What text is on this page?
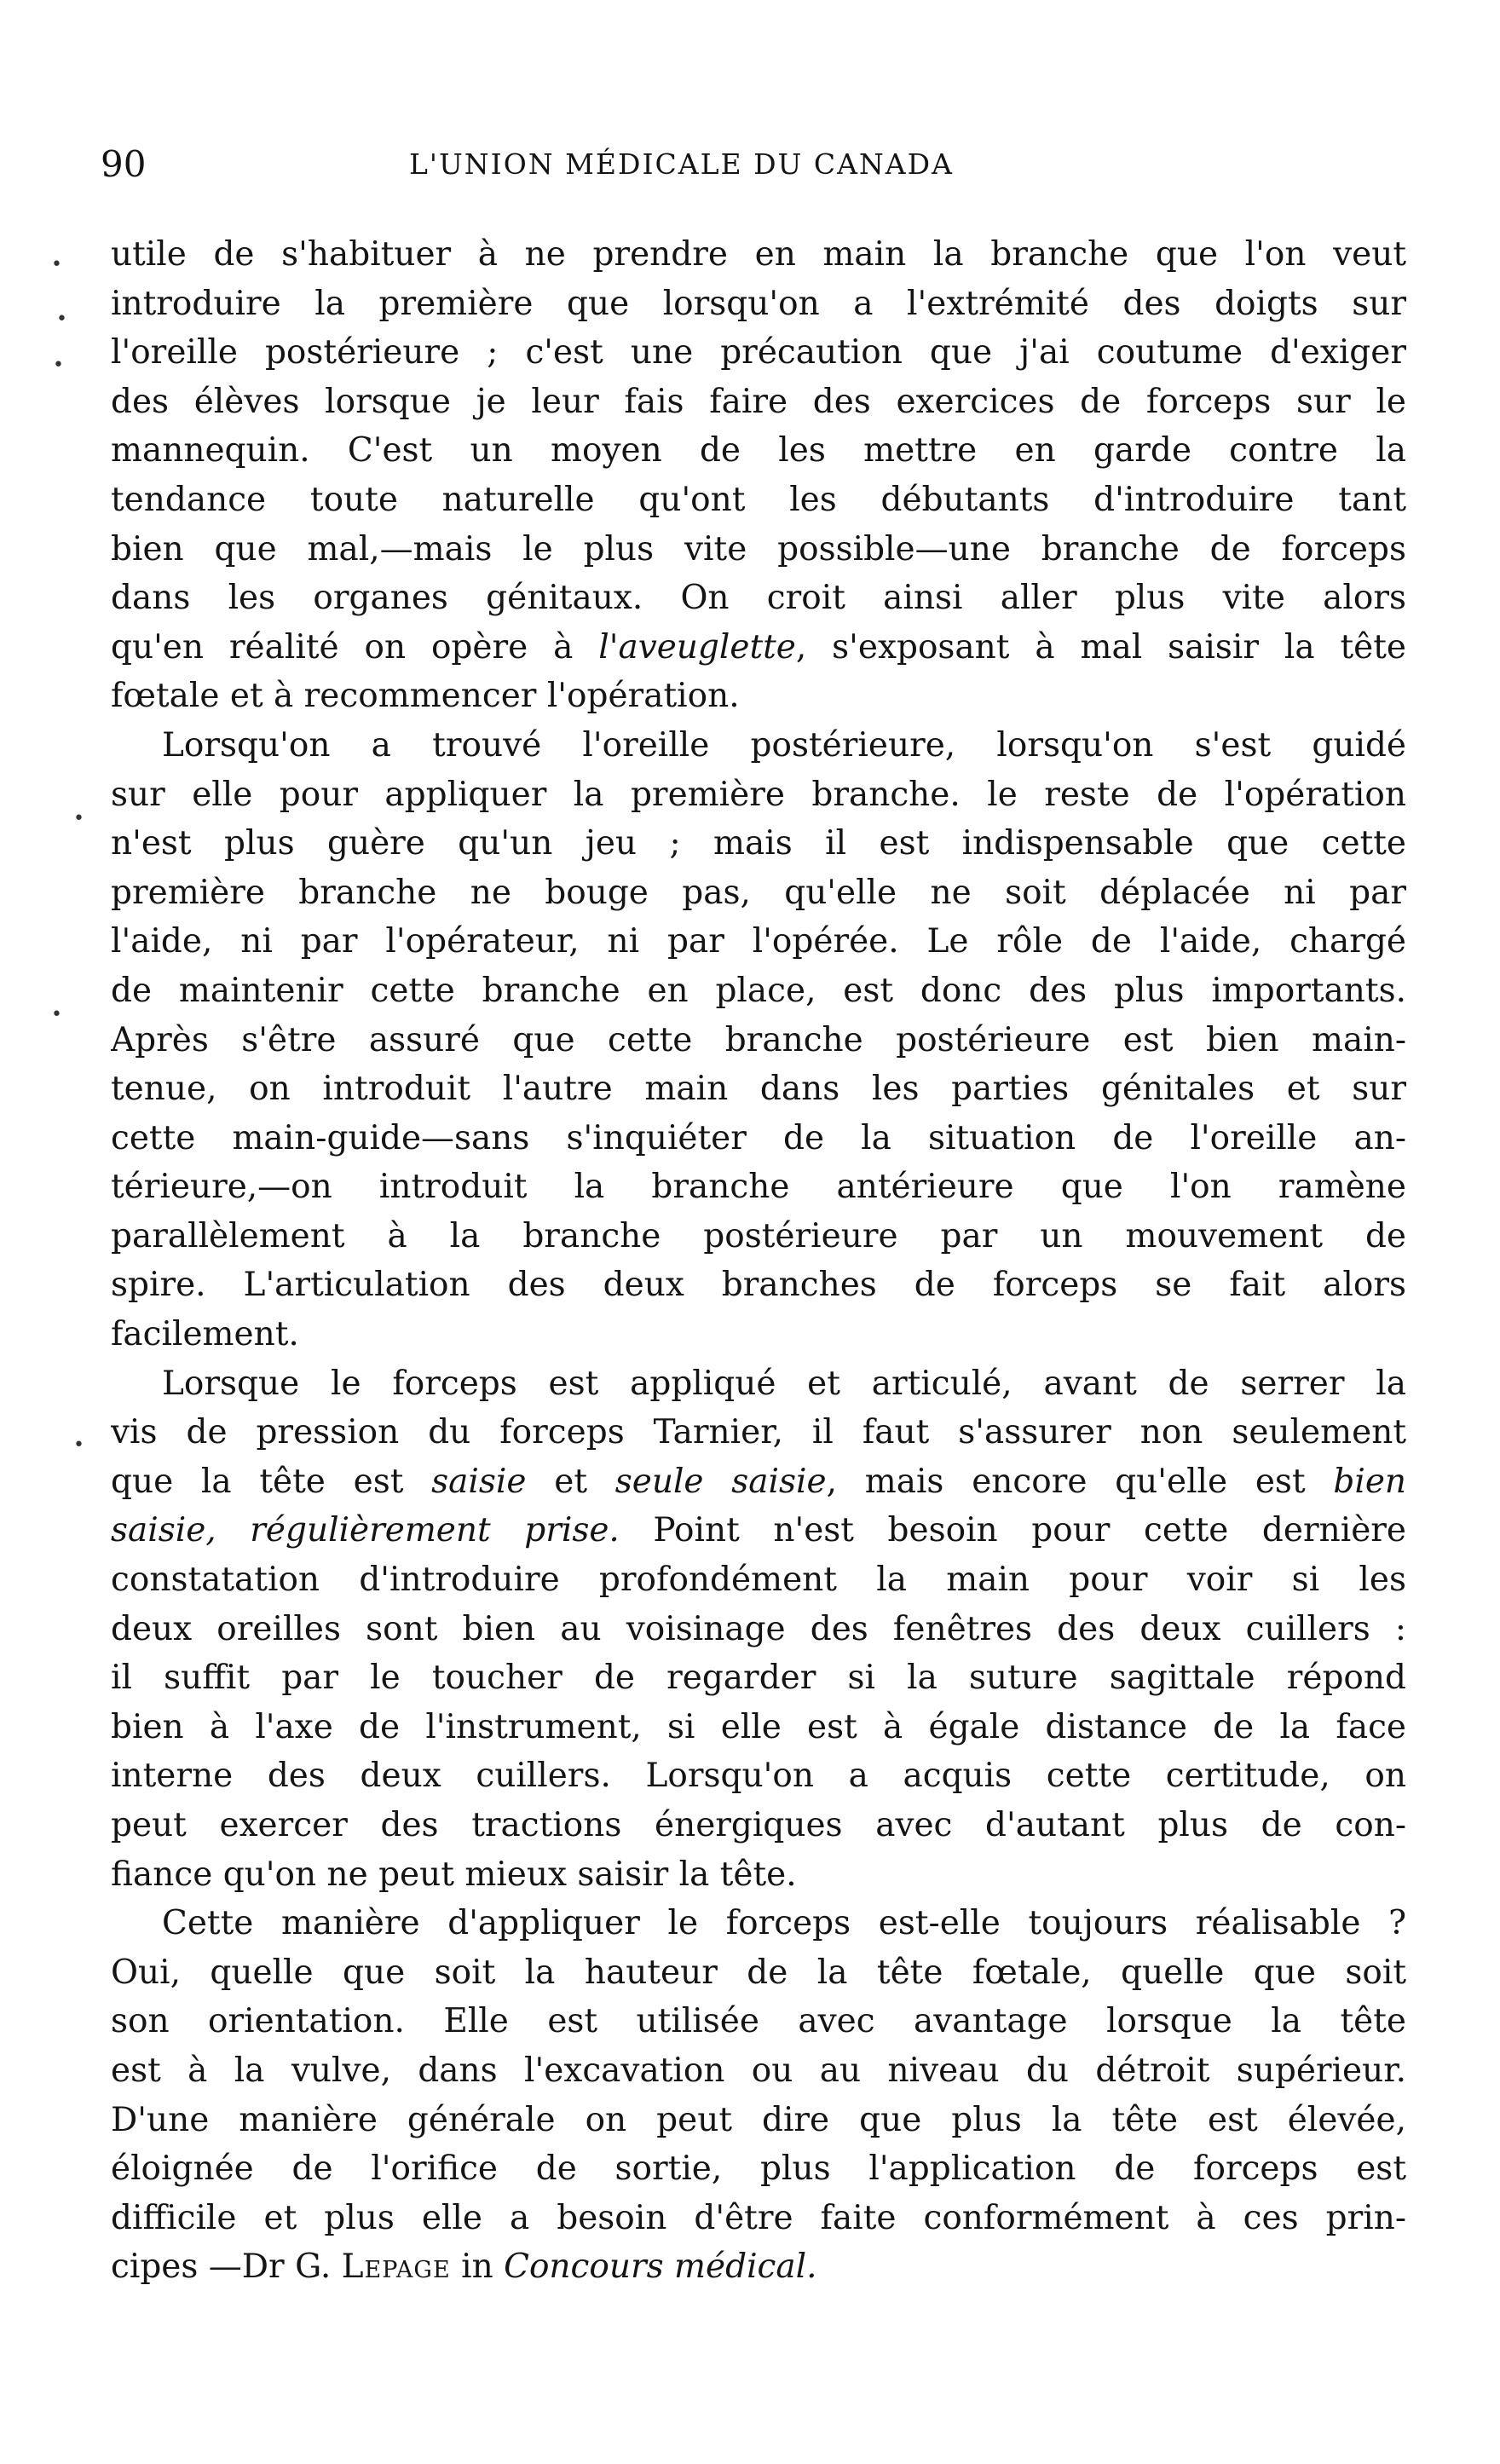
90	L'UNION MÉDICALE DU CANADA
•
•
•
•
•
•
utile de s'habituer à ne prendre en main la branche que l'on veut
introduire la première que lorsqu'on a l'extrémité des doigts sur
l'oreille postérieure ; c'est une précaution que j'ai coutume d'exiger
des élèves lorsque je leur fais faire des exercices de forceps sur le
mannequin. C'est un moyen de les mettre en garde contre la
tendance toute naturelle qu'ont les débutants d'introduire tant
bien que mal,—mais le plus vite possible—une branche de forceps
dans les organes génitaux. On croit ainsi aller plus vite alors
qu'en réalité on opère à l'aveuglette, s'exposant à mal saisir la tête
fœtale et à recommencer l'opération.
Lorsqu'on a trouvé l'oreille postérieure, lorsqu'on s'est guidé
sur elle pour appliquer la première branche. le reste de l'opération
n'est plus guère qu'un jeu ; mais il est indispensable que cette
première branche ne bouge pas, qu'elle ne soit déplacée ni par
l'aide, ni par l'opérateur, ni par l'opérée. Le rôle de l'aide, chargé
de maintenir cette branche en place, est donc des plus importants.
Après s'être assuré que cette branche postérieure est bien main-
tenue, on introduit l'autre main dans les parties génitales et sur
cette main-guide—sans s'inquiéter de la situation de l'oreille an-
térieure,—on introduit la branche antérieure que l'on ramène
parallèlement à la branche postérieure par un mouvement de
spire. L'articulation des deux branches de forceps se fait alors
facilement.
Lorsque le forceps est appliqué et articulé, avant de serrer la
vis de pression du forceps Tarnier, il faut s'assurer non seulement
que la tête est saisie et seule saisie, mais encore qu'elle est bien
saisie, régulièrement prise. Point n'est besoin pour cette dernière
constatation d'introduire profondément la main pour voir si les
deux oreilles sont bien au voisinage des fenêtres des deux cuillers :
il suffit par le toucher de regarder si la suture sagittale répond
bien à l'axe de l'instrument, si elle est à égale distance de la face
interne des deux cuillers. Lorsqu'on a acquis cette certitude, on
peut exercer des tractions énergiques avec d'autant plus de con-
fiance qu'on ne peut mieux saisir la tête.
Cette manière d'appliquer le forceps est-elle toujours réalisable ?
Oui, quelle que soit la hauteur de la tête fœtale, quelle que soit
son orientation. Elle est utilisée avec avantage lorsque la tête
est à la vulve, dans l'excavation ou au niveau du détroit supérieur.
D'une manière générale on peut dire que plus la tête est élevée,
éloignée de l'orifice de sortie, plus l'application de forceps est
difficile et plus elle a besoin d'être faite conformément à ces prin-
cipes —Dr G. Lepage in Concours médical.
